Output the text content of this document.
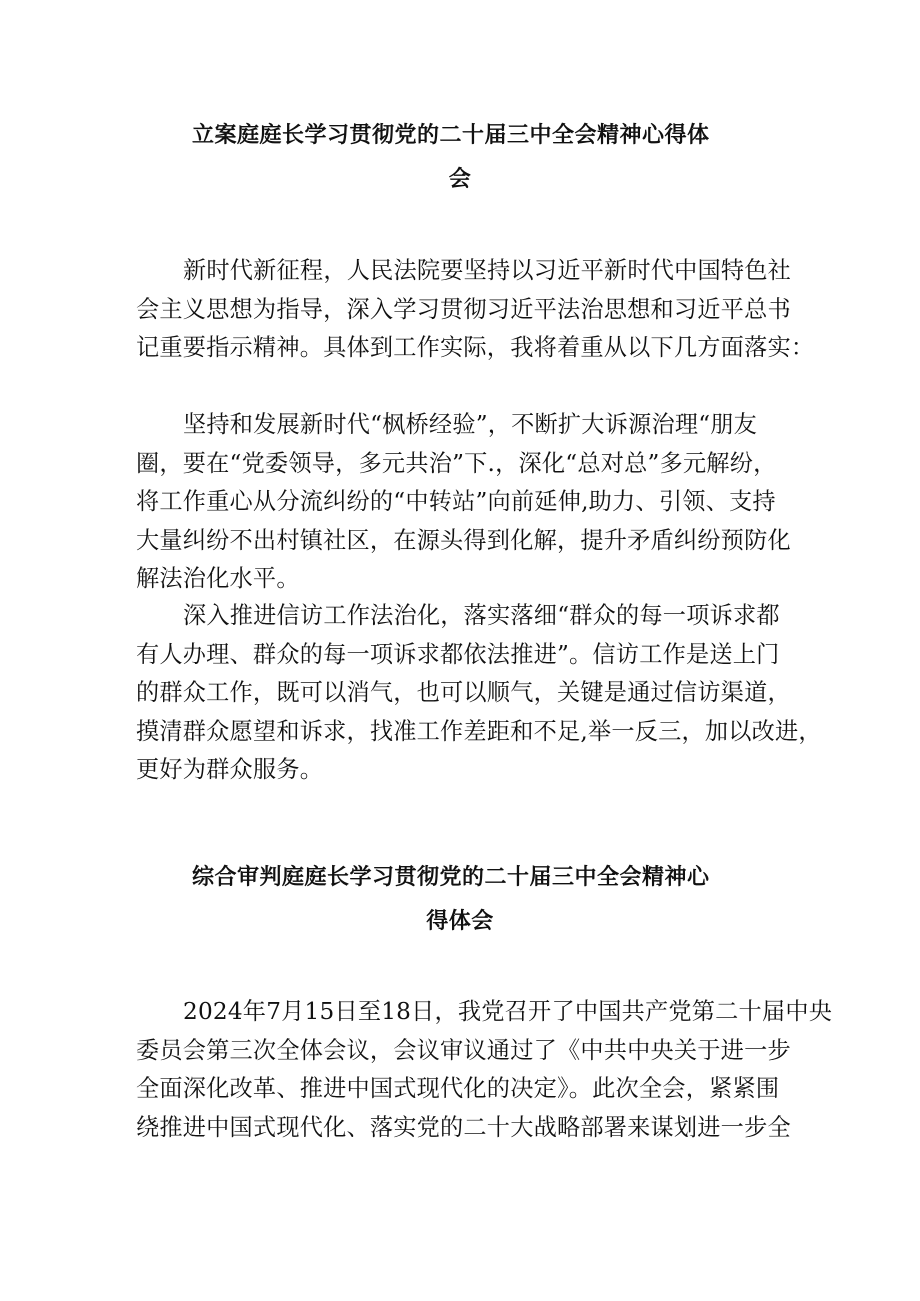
立案庭庭长学习贯彻党的二十届三中全会精神心得体
会
新时代新征程，人民法院要坚持以习近平新时代中国特色社
会主义思想为指导，深入学习贯彻习近平法治思想和习近平总书
记重要指示精神。具体到工作实际，我将着重从以下几方面落实：
坚持和发展新时代“枫桥经验”，不断扩大诉源治理“朋友
圈，要在“党委领导，多元共治”下.，深化“总对总”多元解纷，
将工作重心从分流纠纷的“中转站”向前延伸,助力、引领、支持
大量纠纷不出村镇社区，在源头得到化解，提升矛盾纠纷预防化
解法治化水平。
深入推进信访工作法治化，落实落细“群众的每一项诉求都
有人办理、群众的每一项诉求都依法推进”。信访工作是送上门
的群众工作，既可以消气，也可以顺气，关键是通过信访渠道，
摸清群众愿望和诉求，找准工作差距和不足,举一反三，加以改进，
更好为群众服务。
综合审判庭庭长学习贯彻党的二十届三中全会精神心
得体会
2024年7月15日至18日，我党召开了中国共产党第二十届中央
委员会第三次全体会议，会议审议通过了《中共中央关于进一步
全面深化改革、推进中国式现代化的决定》。此次全会，紧紧围
绕推进中国式现代化、落实党的二十大战略部署来谋划进一步全
